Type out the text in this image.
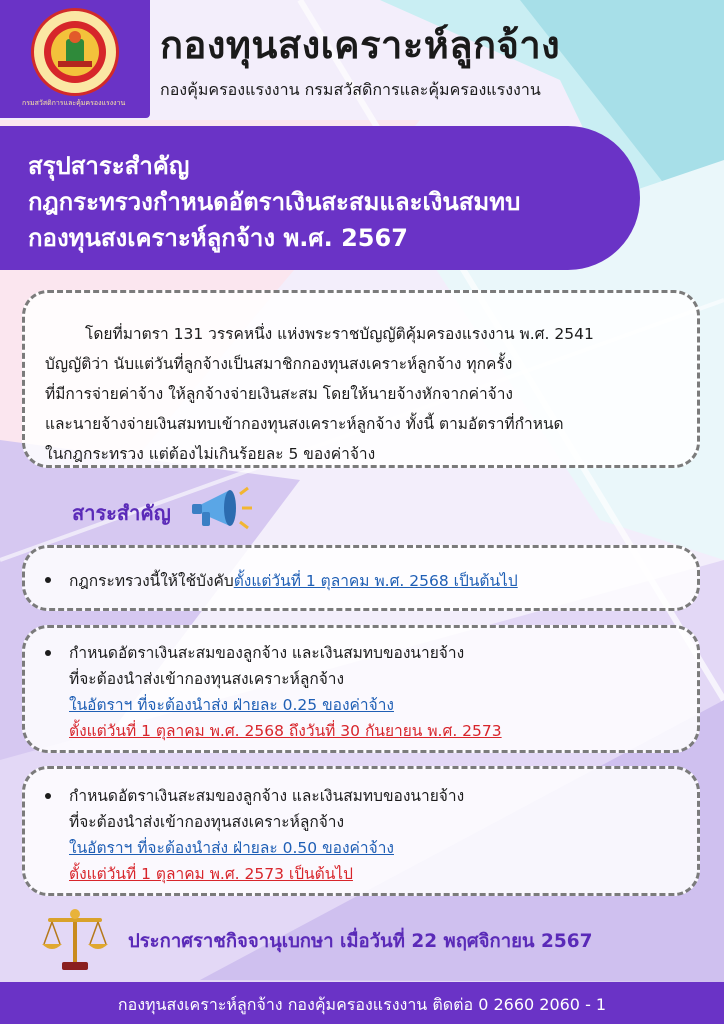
กรมสวัสดิการและคุ้มครองแรงงาน
กองทุนสงเคราะห์ลูกจ้าง
กองคุ้มครองแรงงาน กรมสวัสดิการและคุ้มครองแรงงาน
สรุปสาระสำคัญ
กฎกระทรวงกำหนดอัตราเงินสะสมและเงินสมทบ
กองทุนสงเคราะห์ลูกจ้าง พ.ศ. 2567
โดยที่มาตรา 131 วรรคหนึ่ง แห่งพระราชบัญญัติคุ้มครองแรงงาน พ.ศ. 2541
บัญญัติว่า นับแต่วันที่ลูกจ้างเป็นสมาชิกกองทุนสงเคราะห์ลูกจ้าง ทุกครั้ง
ที่มีการจ่ายค่าจ้าง ให้ลูกจ้างจ่ายเงินสะสม โดยให้นายจ้างหักจากค่าจ้าง
และนายจ้างจ่ายเงินสมทบเข้ากองทุนสงเคราะห์ลูกจ้าง ทั้งนี้ ตามอัตราที่กำหนด
ในกฎกระทรวง แต่ต้องไม่เกินร้อยละ 5 ของค่าจ้าง
สาระสำคัญ
กฎกระทรวงนี้ให้ใช้บังคับตั้งแต่วันที่ 1 ตุลาคม พ.ศ. 2568 เป็นต้นไป
กำหนดอัตราเงินสะสมของลูกจ้าง และเงินสมทบของนายจ้าง
ที่จะต้องนำส่งเข้ากองทุนสงเคราะห์ลูกจ้าง
ในอัตราฯ ที่จะต้องนำส่ง ฝ่ายละ 0.25 ของค่าจ้าง
ตั้งแต่วันที่ 1 ตุลาคม พ.ศ. 2568 ถึงวันที่ 30 กันยายน พ.ศ. 2573
กำหนดอัตราเงินสะสมของลูกจ้าง และเงินสมทบของนายจ้าง
ที่จะต้องนำส่งเข้ากองทุนสงเคราะห์ลูกจ้าง
ในอัตราฯ ที่จะต้องนำส่ง ฝ่ายละ 0.50 ของค่าจ้าง
ตั้งแต่วันที่ 1 ตุลาคม พ.ศ. 2573 เป็นต้นไป
ประกาศราชกิจจานุเบกษา เมื่อวันที่ 22 พฤศจิกายน 2567
กองทุนสงเคราะห์ลูกจ้าง กองคุ้มครองแรงงาน ติดต่อ 0 2660 2060 - 1
